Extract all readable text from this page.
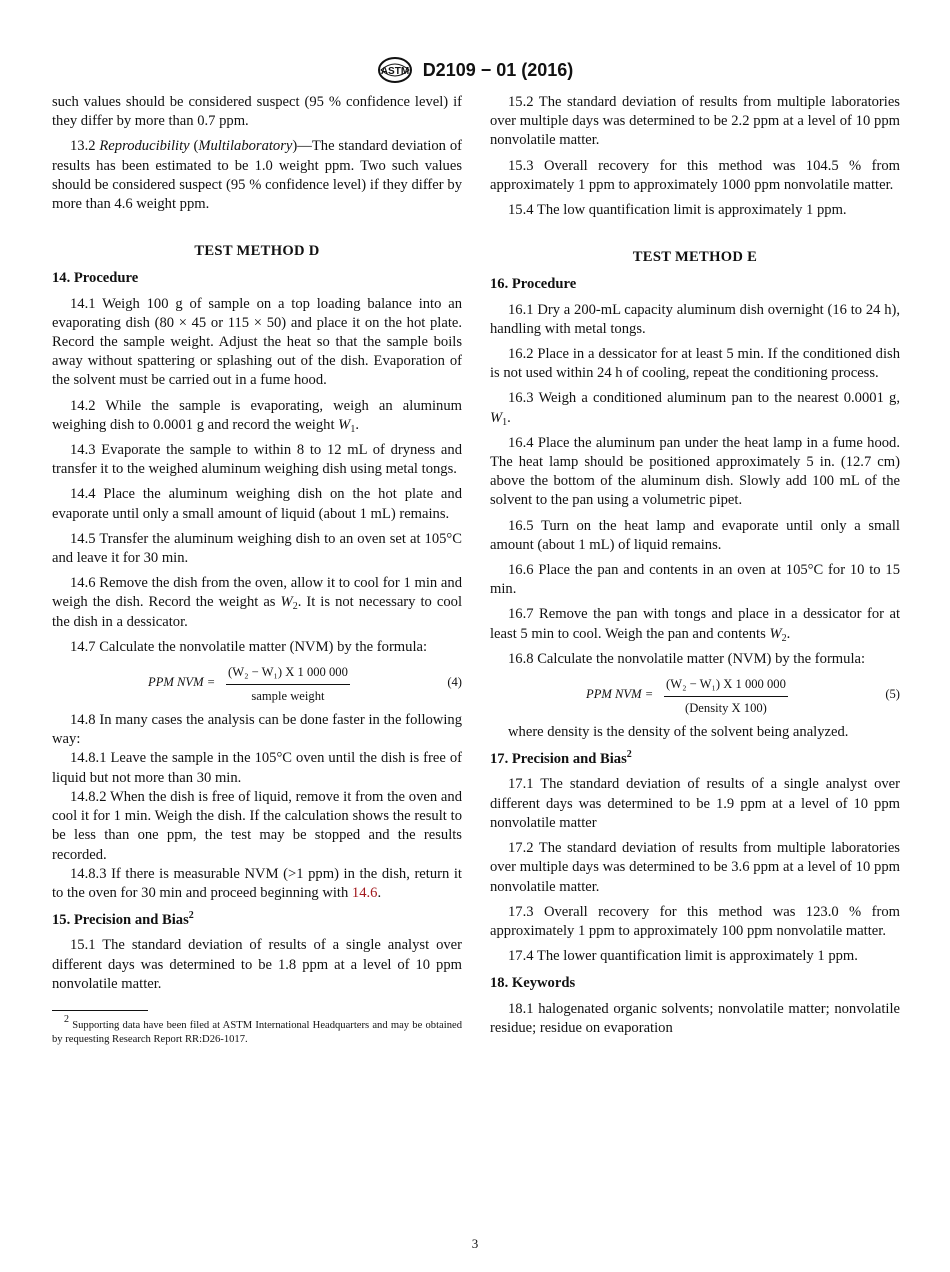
ASTM D2109 − 01 (2016)

such values should be considered suspect (95 % confidence level) if they differ by more than 0.7 ppm.

13.2 Reproducibility (Multilaboratory)—The standard deviation of results has been estimated to be 1.0 weight ppm. Two such values should be considered suspect (95 % confidence level) if they differ by more than 4.6 weight ppm.

TEST METHOD D
14. Procedure

14.1 Weigh 100 g of sample on a top loading balance into an evaporating dish (80 × 45 or 115 × 50) and place it on the hot plate. Record the sample weight. Adjust the heat so that the sample boils away without spattering or splashing out of the dish. Evaporation of the solvent must be carried out in a fume hood.

14.2 While the sample is evaporating, weigh an aluminum weighing dish to 0.0001 g and record the weight $W_1$.

14.3 Evaporate the sample to within 8 to 12 mL of dryness and transfer it to the weighed aluminum weighing dish using metal tongs.

14.4 Place the aluminum weighing dish on the hot plate and evaporate until only a small amount of liquid (about 1 mL) remains.

14.5 Transfer the aluminum weighing dish to an oven set at 105°C and leave it for 30 min.

14.6 Remove the dish from the oven, allow it to cool for 1 min and weigh the dish. Record the weight as $W_2$. It is not necessary to cool the dish in a dessicator.

14.7 Calculate the nonvolatile matter (NVM) by the formula:

PPM NVM =
(W₂ − W₁) X 1 000 000
sample weight
(4)

14.8 In many cases the analysis can be done faster in the following way:

14.8.1 Leave the sample in the 105°C oven until the dish is free of liquid but not more than 30 min.

14.8.2 When the dish is free of liquid, remove it from the oven and cool it for 1 min. Weigh the dish. If the calculation shows the result to be less than one ppm, the test may be stopped and the results recorded.

14.8.3 If there is measurable NVM (>1 ppm) in the dish, return it to the oven for 30 min and proceed beginning with 14.6.

15. Precision and Bias$^2$

15.1 The standard deviation of results of a single analyst over different days was determined to be 1.8 ppm at a level of 10 ppm nonvolatile matter.

$^2$ Supporting data have been filed at ASTM International Headquarters and may be obtained by requesting Research Report RR:D26-1017.

15.2 The standard deviation of results from multiple laboratories over multiple days was determined to be 2.2 ppm at a level of 10 ppm nonvolatile matter.

15.3 Overall recovery for this method was 104.5 % from approximately 1 ppm to approximately 1000 ppm nonvolatile matter.

15.4 The low quantification limit is approximately 1 ppm.

TEST METHOD E
16. Procedure

16.1 Dry a 200-mL capacity aluminum dish overnight (16 to 24 h), handling with metal tongs.

16.2 Place in a dessicator for at least 5 min. If the conditioned dish is not used within 24 h of cooling, repeat the conditioning process.

16.3 Weigh a conditioned aluminum pan to the nearest 0.0001 g, $W_1$.

16.4 Place the aluminum pan under the heat lamp in a fume hood. The heat lamp should be positioned approximately 5 in. (12.7 cm) above the bottom of the aluminum dish. Slowly add 100 mL of the solvent to the pan using a volumetric pipet.

16.5 Turn on the heat lamp and evaporate until only a small amount (about 1 mL) of liquid remains.

16.6 Place the pan and contents in an oven at 105°C for 10 to 15 min.

16.7 Remove the pan with tongs and place in a dessicator for at least 5 min to cool. Weigh the pan and contents $W_2$.

16.8 Calculate the nonvolatile matter (NVM) by the formula:

PPM NVM =
(W₂ − W₁) X 1 000 000
(Density X 100)
(5)

where density is the density of the solvent being analyzed.

17. Precision and Bias$^2$

17.1 The standard deviation of results of a single analyst over different days was determined to be 1.9 ppm at a level of 10 ppm nonvolatile matter

17.2 The standard deviation of results from multiple laboratories over multiple days was determined to be 3.6 ppm at a level of 10 ppm nonvolatile matter.

17.3 Overall recovery for this method was 123.0 % from approximately 1 ppm to approximately 100 ppm nonvolatile matter.

17.4 The lower quantification limit is approximately 1 ppm.

18. Keywords

18.1 halogenated organic solvents; nonvolatile matter; nonvolatile residue; residue on evaporation

3
